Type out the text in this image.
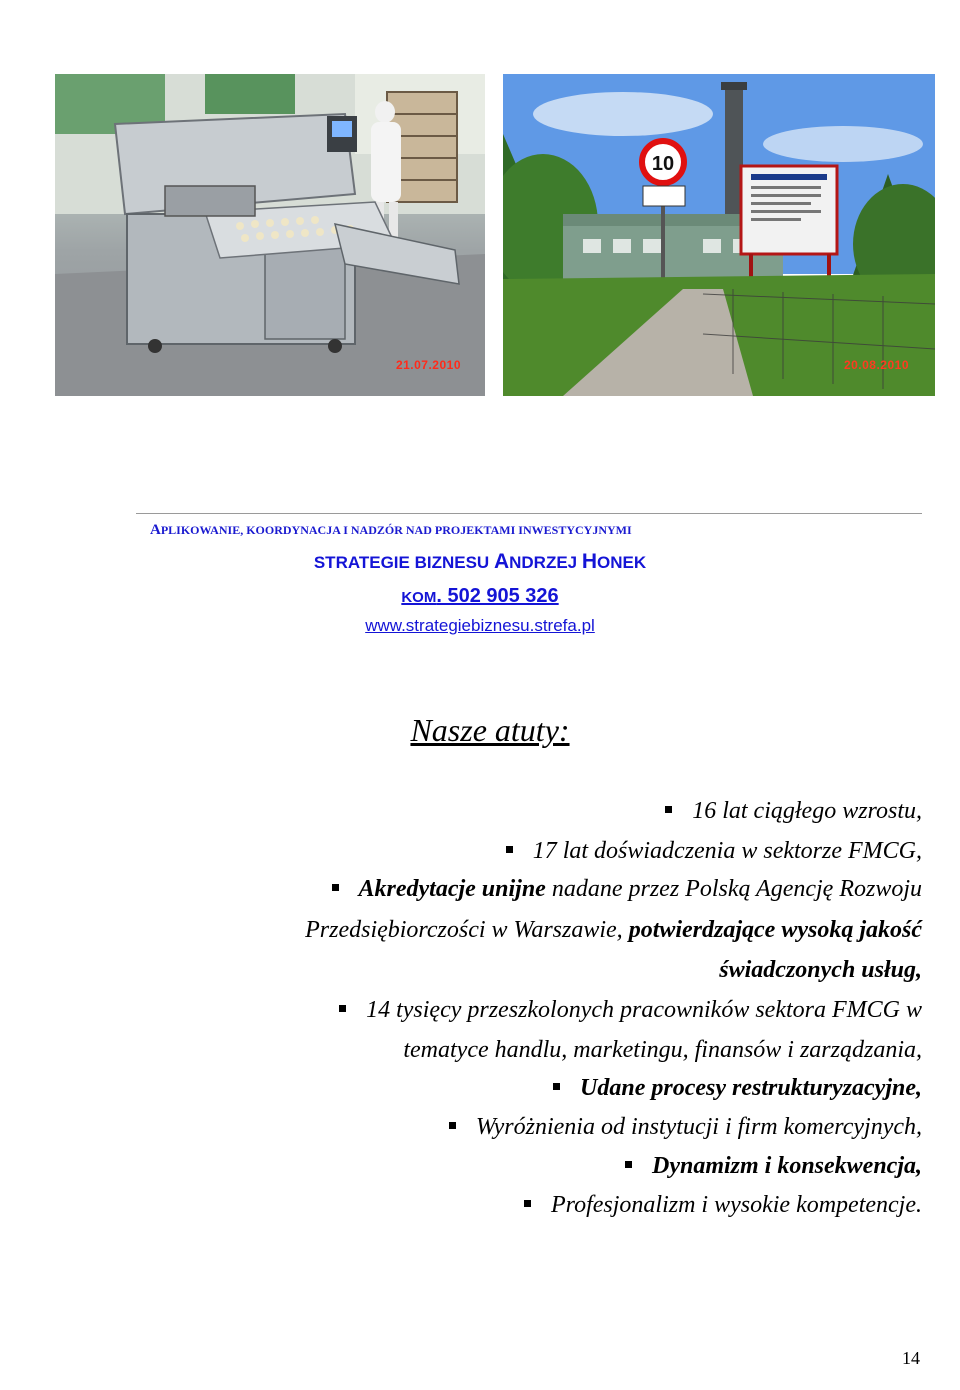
21.07.2010
10
20.08.2010
APLIKOWANIE, KOORDYNACJA I NADZÓR NAD PROJEKTAMI INWESTYCYJNYMI
STRATEGIE BIZNESU ANDRZEJ HONEK
KOM. 502 905 326
www.strategiebiznesu.strefa.pl
Nasze atuty:
16 lat ciągłego wzrostu,
17 lat doświadczenia w sektorze FMCG,
Akredytacje unijne nadane przez Polską Agencję Rozwoju
Przedsiębiorczości w Warszawie, potwierdzające wysoką jakość
świadczonych usług,
14 tysięcy przeszkolonych pracowników sektora FMCG w
tematyce handlu, marketingu, finansów i zarządzania,
Udane procesy restrukturyzacyjne,
Wyróżnienia od instytucji i firm komercyjnych,
Dynamizm i konsekwencja,
Profesjonalizm i wysokie kompetencje.
14
